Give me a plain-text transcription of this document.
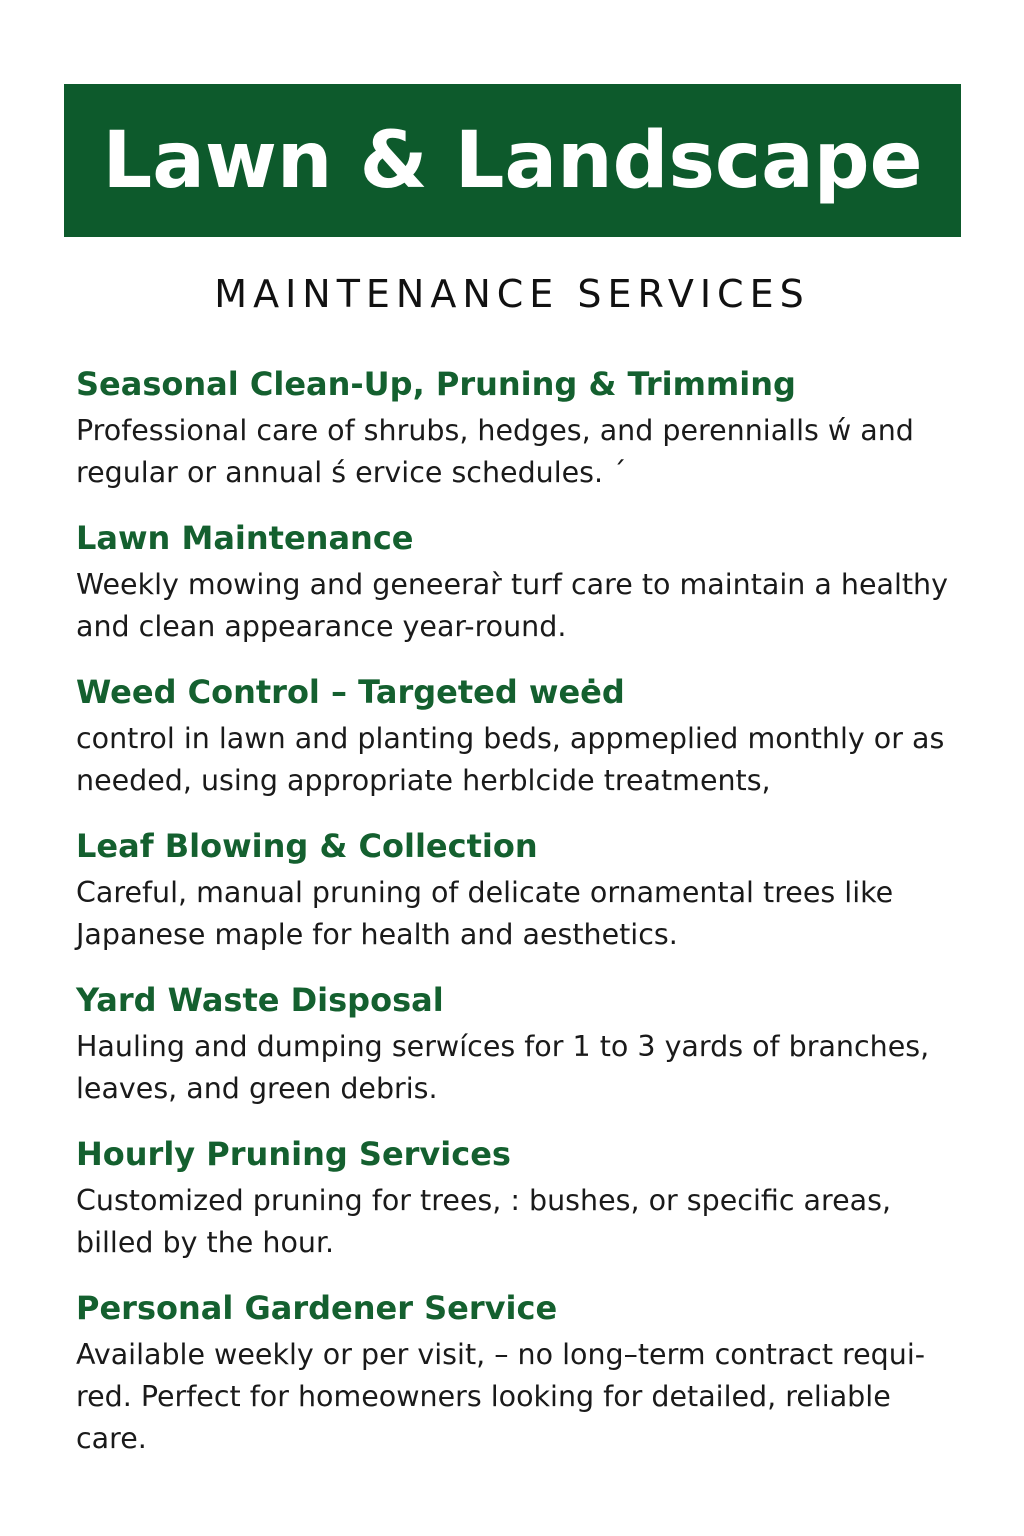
Lawn & Landscape
MAINTENANCE SERVICES
Seasonal Clean-Up, Pruning & Trimming

Professional care of shrubs, hedges, and perennialls ẃ and regular or annual ś ervice schedules. ´

Lawn Maintenance

Weekly mowing and geneerar̀ turf care to maintain a healthy and clean appearance year-round.

Weed Control – Targeted weėd

control in lawn and planting beds, appmeplied monthly or as needed, using appropriate herblcide treatments,

Leaf Blowing & Collection

Careful, manual pruning of delicate ornamental trees like Japanese maple for health and aesthetics.

Yard Waste Disposal

Hauling and dumping serwíces for 1 to 3 yards of branches, leaves, and green debris.

Hourly Pruning Services

Customized pruning for trees, : bushes, or specific areas, billed by the hour.

Personal Gardener Service

Available weekly or per visit, – no long–term contract requi-red. Perfect for homeowners looking for detailed, reliable care.
